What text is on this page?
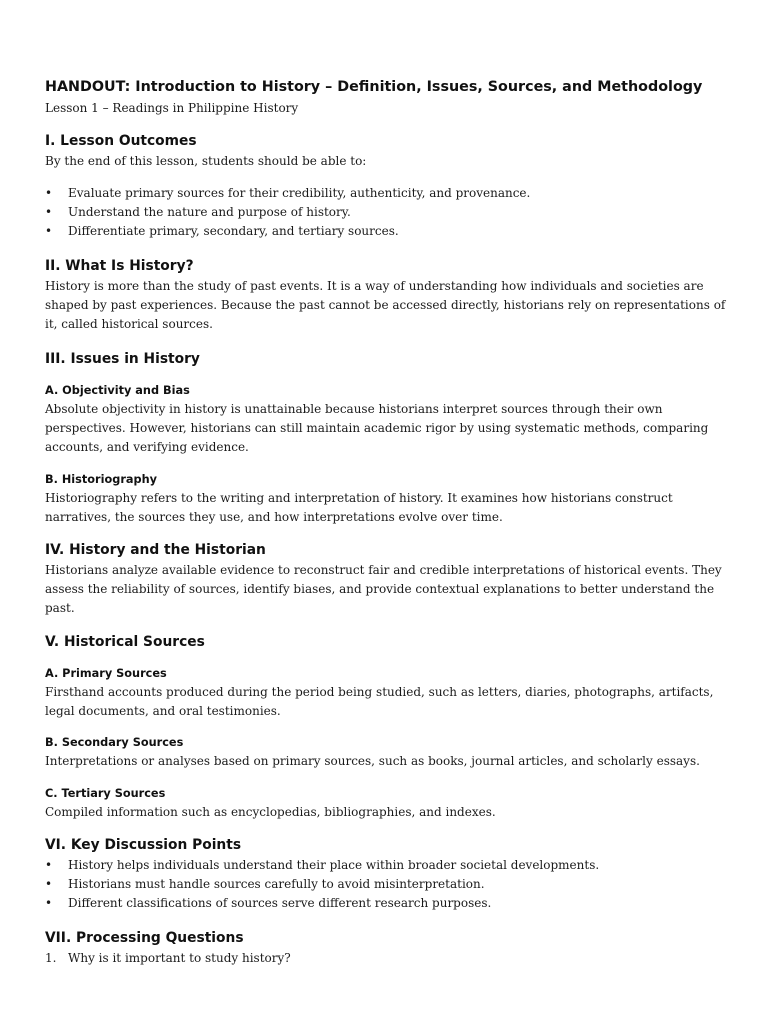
HANDOUT: Introduction to History – Definition, Issues, Sources, and Methodology
Lesson 1 – Readings in Philippine History
I. Lesson Outcomes

By the end of this lesson, students should be able to:

• Evaluate primary sources for their credibility, authenticity, and provenance.
• Understand the nature and purpose of history.
• Differentiate primary, secondary, and tertiary sources.
II. What Is History?

History is more than the study of past events. It is a way of understanding how individuals and societies are shaped by past experiences. Because the past cannot be accessed directly, historians rely on representations of it, called historical sources.

III. Issues in History
A. Objectivity and Bias

Absolute objectivity in history is unattainable because historians interpret sources through their own perspectives. However, historians can still maintain academic rigor by using systematic methods, comparing accounts, and verifying evidence.

B. Historiography

Historiography refers to the writing and interpretation of history. It examines how historians construct narratives, the sources they use, and how interpretations evolve over time.

IV. History and the Historian

Historians analyze available evidence to reconstruct fair and credible interpretations of historical events. They assess the reliability of sources, identify biases, and provide contextual explanations to better understand the past.

V. Historical Sources
A. Primary Sources

Firsthand accounts produced during the period being studied, such as letters, diaries, photographs, artifacts, legal documents, and oral testimonies.

B. Secondary Sources

Interpretations or analyses based on primary sources, such as books, journal articles, and scholarly essays.

C. Tertiary Sources

Compiled information such as encyclopedias, bibliographies, and indexes.

VI. Key Discussion Points
• History helps individuals understand their place within broader societal developments.
• Historians must handle sources carefully to avoid misinterpretation.
• Different classifications of sources serve different research purposes.
VII. Processing Questions
1. Why is it important to study history?
